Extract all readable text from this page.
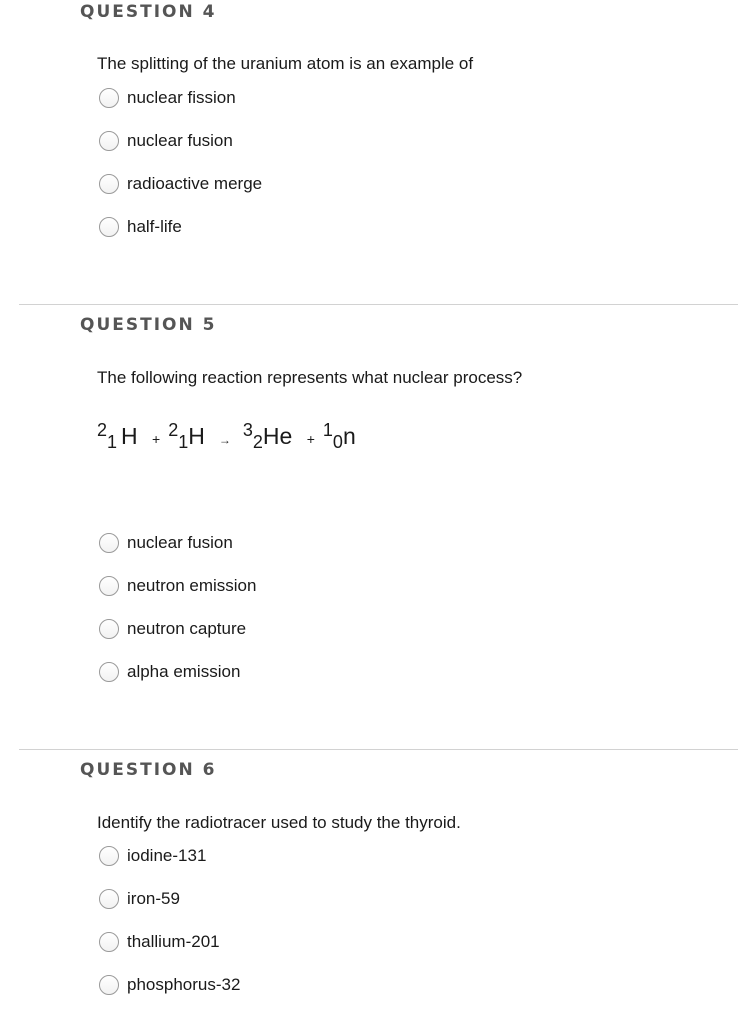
QUESTION 4

The splitting of the uranium atom is an example of

nuclear fission
nuclear fusion
radioactive merge
half-life
QUESTION 5

The following reaction represents what nuclear process?

$^2$1 H + $^2$1H → $^3$2He + $^1$0n
nuclear fusion
neutron emission
neutron capture
alpha emission
QUESTION 6

Identify the radiotracer used to study the thyroid.

iodine-131
iron-59
thallium-201
phosphorus-32
